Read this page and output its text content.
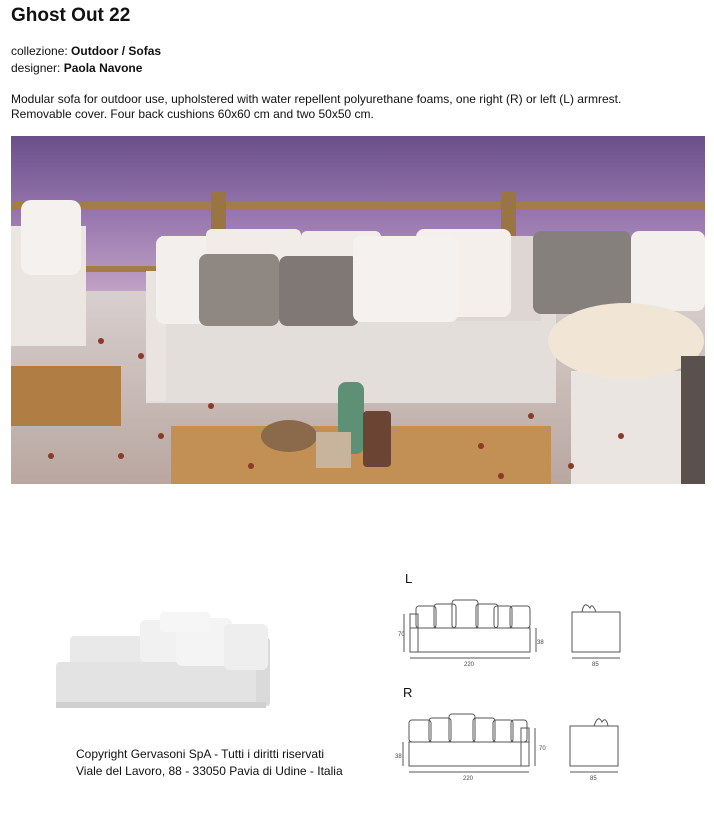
Ghost Out 22
collezione: Outdoor / Sofas
designer: Paola Navone
Modular sofa for outdoor use, upholstered with water repellent polyurethane foams, one right (R) or left (L) armrest.
Removable cover. Four back cushions 60x60 cm and two 50x50 cm.
Copyright Gervasoni SpA - Tutti i diritti riservati
Viale del Lavoro, 88 - 33050 Pavia di Udine - Italia
L
70
38
220	85
R
38
70
220	85
